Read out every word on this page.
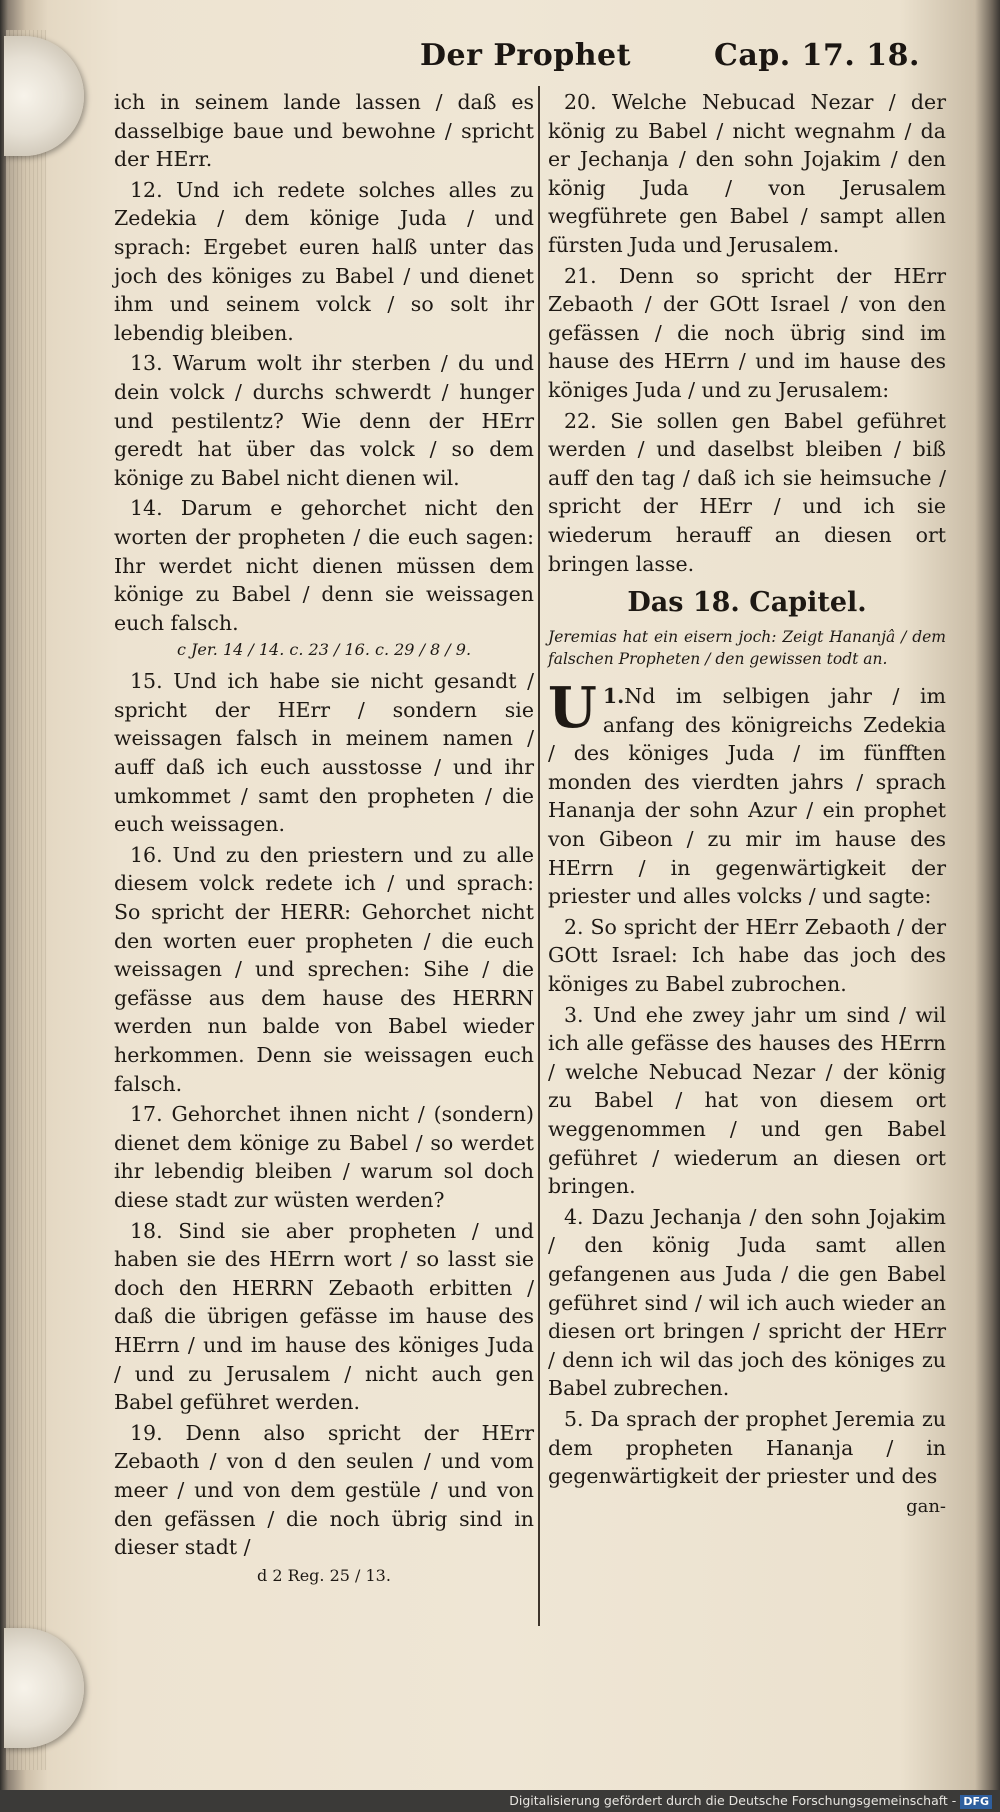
Der Prophet	Cap. 17. 18.

ich in seinem lande lassen / daß es dasselbige baue und bewohne / spricht der HErr.

12. Und ich redete solches alles zu Zedekia / dem könige Juda / und sprach: Ergebet euren halß unter das joch des königes zu Babel / und dienet ihm und seinem volck / so solt ihr lebendig bleiben.

13. Warum wolt ihr sterben / du und dein volck / durchs schwerdt / hunger und pestilentz? Wie denn der HErr geredt hat über das volck / so dem könige zu Babel nicht dienen wil.

14. Darum e gehorchet nicht den worten der propheten / die euch sagen: Ihr werdet nicht dienen müssen dem könige zu Babel / denn sie weissagen euch falsch.

c Jer. 14 / 14. c. 23 / 16. c. 29 / 8 / 9.

15. Und ich habe sie nicht gesandt / spricht der HErr / sondern sie weissagen falsch in meinem namen / auff daß ich euch ausstosse / und ihr umkommet / samt den propheten / die euch weissagen.

16. Und zu den priestern und zu alle diesem volck redete ich / und sprach: So spricht der HERR: Gehorchet nicht den worten euer propheten / die euch weissagen / und sprechen: Sihe / die gefässe aus dem hause des HERRN werden nun balde von Babel wieder herkommen. Denn sie weissagen euch falsch.

17. Gehorchet ihnen nicht / (sondern) dienet dem könige zu Babel / so werdet ihr lebendig bleiben / warum sol doch diese stadt zur wüsten werden?

18. Sind sie aber propheten / und haben sie des HErrn wort / so lasst sie doch den HERRN Zebaoth erbitten / daß die übrigen gefässe im hause des HErrn / und im hause des königes Juda / und zu Jerusalem / nicht auch gen Babel geführet werden.

19. Denn also spricht der HErr Zebaoth / von d den seulen / und vom meer / und von dem gestüle / und von den gefässen / die noch übrig sind in dieser stadt /

d 2 Reg. 25 / 13.

20. Welche Nebucad Nezar / der könig zu Babel / nicht wegnahm / da er Jechanja / den sohn Jojakim / den könig Juda / von Jerusalem wegführete gen Babel / sampt allen fürsten Juda und Jerusalem.

21. Denn so spricht der HErr Zebaoth / der GOtt Israel / von den gefässen / die noch übrig sind im hause des HErrn / und im hause des königes Juda / und zu Jerusalem:

22. Sie sollen gen Babel geführet werden / und daselbst bleiben / biß auff den tag / daß ich sie heimsuche / spricht der HErr / und ich sie wiederum herauff an diesen ort bringen lasse.

Das 18. Capitel.

Jeremias hat ein eisern joch: Zeigt Hananjâ / dem falschen Propheten / den gewissen todt an.

1.
U Nd im selbigen jahr / im anfang des königreichs Zedekia / des königes Juda / im fünfften monden des vierdten jahrs / sprach Hananja der sohn Azur / ein prophet von Gibeon / zu mir im hause des HErrn / in gegenwärtigkeit der priester und alles volcks / und sagte:

2. So spricht der HErr Zebaoth / der GOtt Israel: Ich habe das joch des königes zu Babel zubrochen.

3. Und ehe zwey jahr um sind / wil ich alle gefässe des hauses des HErrn / welche Nebucad Nezar / der könig zu Babel / hat von diesem ort weggenommen / und gen Babel geführet / wiederum an diesen ort bringen.

4. Dazu Jechanja / den sohn Jojakim / den könig Juda samt allen gefangenen aus Juda / die gen Babel geführet sind / wil ich auch wieder an diesen ort bringen / spricht der HErr / denn ich wil das joch des königes zu Babel zubrechen.

5. Da sprach der prophet Jeremia zu dem propheten Hananja / in gegenwärtigkeit der priester und des

gan-

Digitalisierung gefördert durch die Deutsche Forschungsgemeinschaft - DFG
